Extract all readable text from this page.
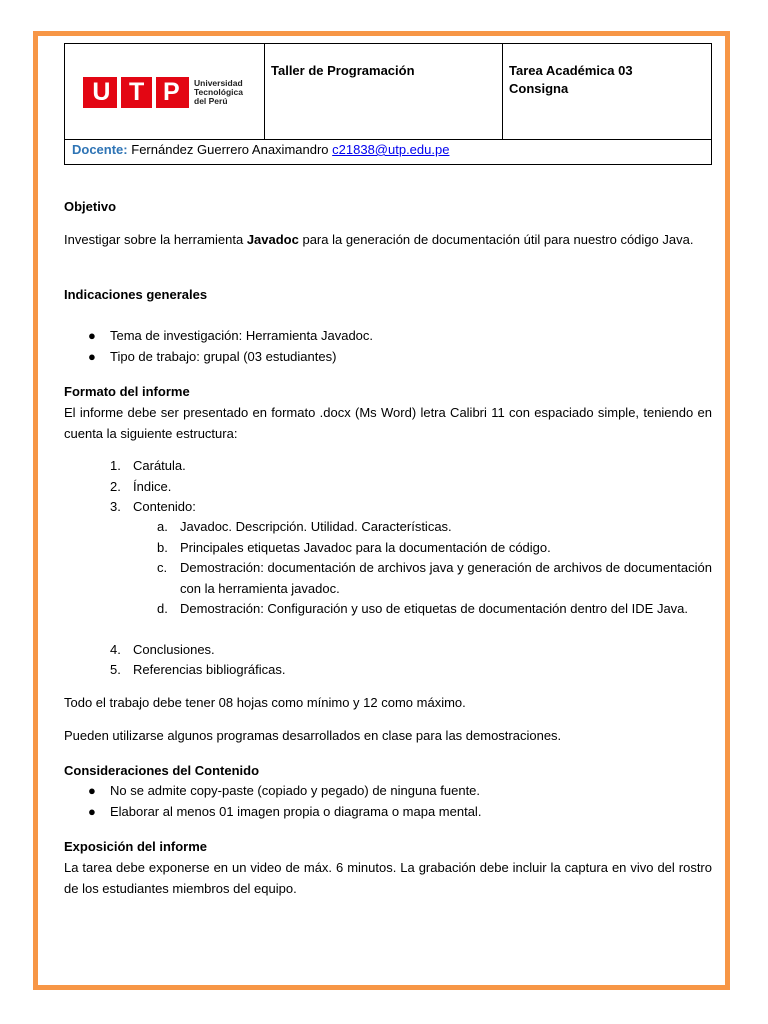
U T P Universidad
Tecnológica
del Perú
Taller de Programación	Tarea Académica 03
Consigna
Docente: Fernández Guerrero Anaximandro c21838@utp.edu.pe
Objetivo
Investigar sobre la herramienta Javadoc para la generación de documentación útil para nuestro código Java.
Indicaciones generales
● Tema de investigación: Herramienta Javadoc.
● Tipo de trabajo: grupal (03 estudiantes)
Formato del informe
El informe debe ser presentado en formato .docx (Ms Word) letra Calibri 11 con espaciado simple, teniendo en cuenta la siguiente estructura:
1. Carátula.
2. Índice.
3. Contenido:
a. Javadoc. Descripción. Utilidad. Características.
b. Principales etiquetas Javadoc para la documentación de código.
c. Demostración: documentación de archivos java y generación de archivos de documentación con la herramienta javadoc.
d. Demostración: Configuración y uso de etiquetas de documentación dentro del IDE Java.
4. Conclusiones.
5. Referencias bibliográficas.
Todo el trabajo debe tener 08 hojas como mínimo y 12 como máximo.
Pueden utilizarse algunos programas desarrollados en clase para las demostraciones.
Consideraciones del Contenido
● No se admite copy-paste (copiado y pegado) de ninguna fuente.
● Elaborar al menos 01 imagen propia o diagrama o mapa mental.
Exposición del informe
La tarea debe exponerse en un video de máx. 6 minutos. La grabación debe incluir la captura en vivo del rostro de los estudiantes miembros del equipo.
